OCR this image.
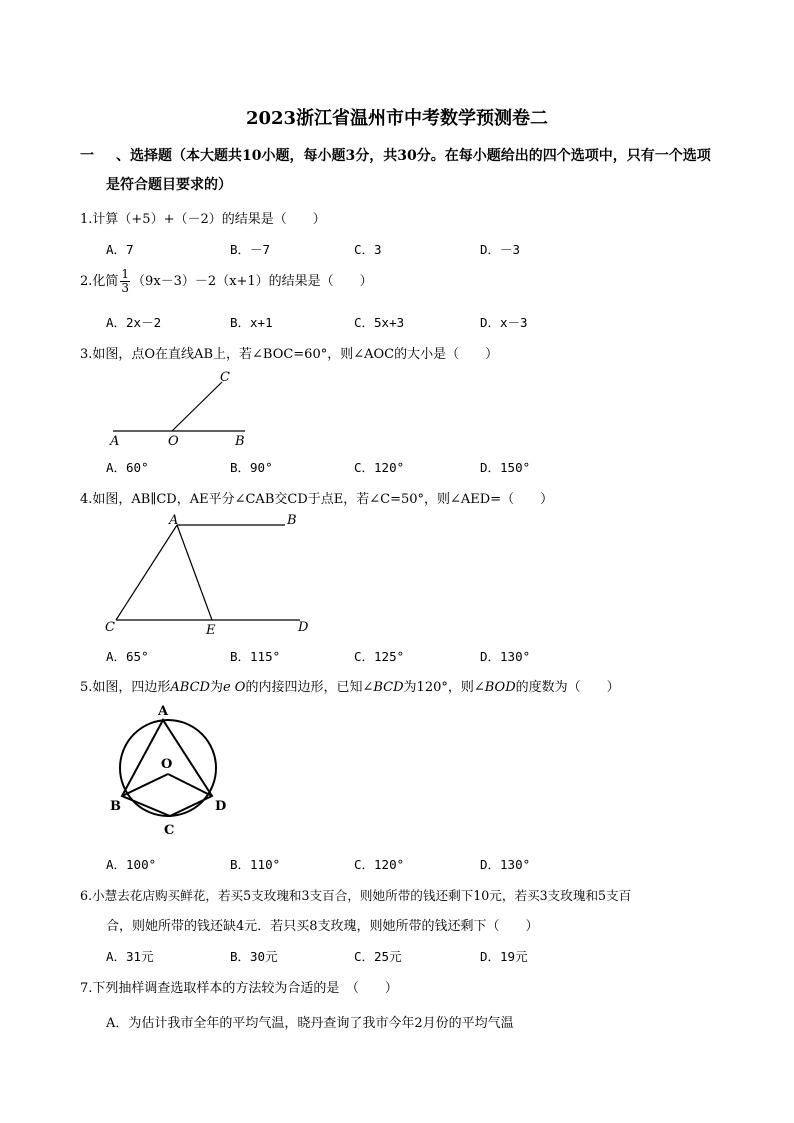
2023浙江省温州市中考数学预测卷二
一 、选择题（本大题共10小题，每小题3分，共30分。在每小题给出的四个选项中，只有一个选项
是符合题目要求的）
1.计算（+5）+（－2）的结果是（　　）
A．7	B．－7	C．3	D．－3
2.化简 $\frac{1}{3} (9x-3)-2(x+1)$的结果是（　　）
A．2x－2	B．x+1	C．5x+3	D．x－3
3.如图，点O在直线AB上，若∠BOC=60°，则∠AOC的大小是（　　）
A	O	B
C
A．60°	B．90°	C．120°	D．150°
4.如图，AB∥CD，AE平分∠CAB交CD于点E，若∠C=50°，则∠AED=（　　）
A	B
C	E	D
A．65°	B．115°	C．125°	D．130°
5.如图，四边形ABCD为e O的内接四边形，已知∠BCD为120°，则∠BOD的度数为（　　）
A
O
B
C
D
A．100°	B．110°	C．120°	D．130°
6.小慧去花店购买鲜花，若买5支玫瑰和3支百合，则她所带的钱还剩下10元，若买3支玫瑰和5支百
合，则她所带的钱还缺4元．若只买8支玫瑰，则她所带的钱还剩下（　　）
A．31元	B．30元	C．25元	D．19元
7.下列抽样调查选取样本的方法较为合适的是　（　　）
A．为估计我市全年的平均气温，晓丹查询了我市今年2月份的平均气温
